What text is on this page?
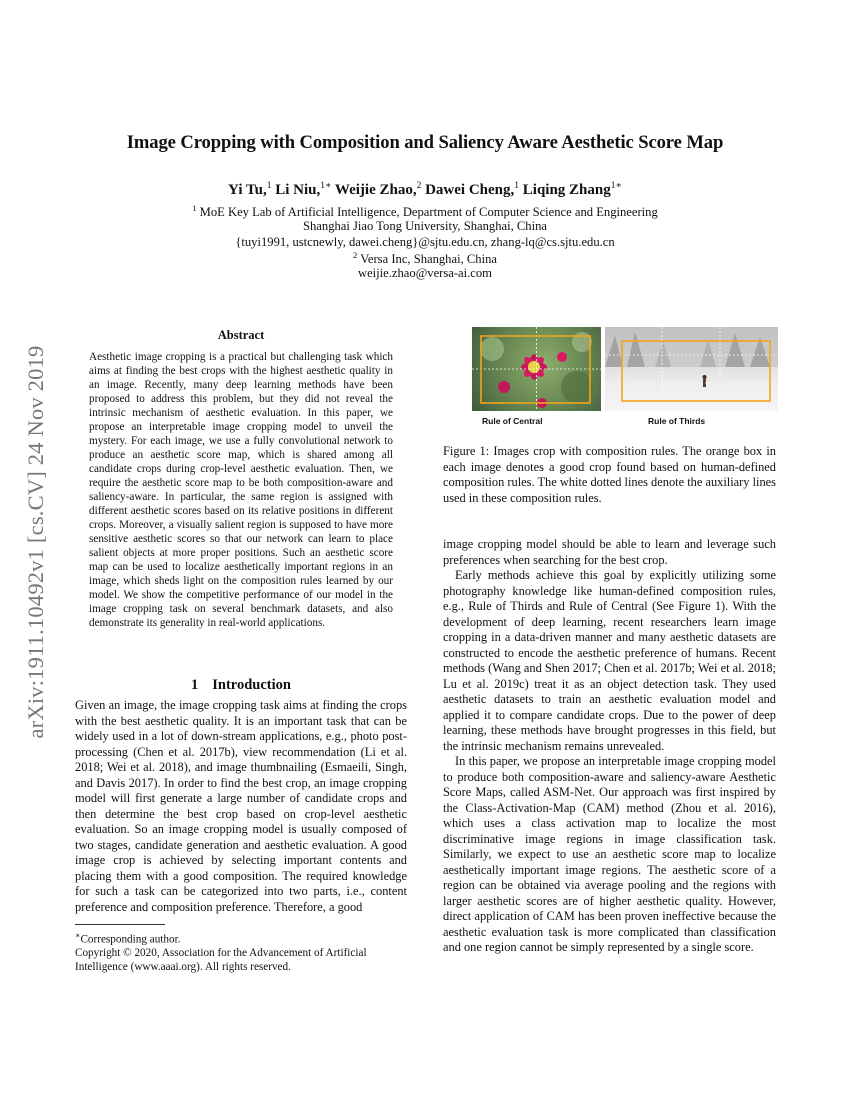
arXiv:1911.10492v1 [cs.CV] 24 Nov 2019
Image Cropping with Composition and Saliency Aware Aesthetic Score Map
Yi Tu,$^1$ Li Niu,$^{1∗}$ Weijie Zhao,$^2$ Dawei Cheng,$^1$ Liqing Zhang$^{1∗}$
$^1$ MoE Key Lab of Artificial Intelligence, Department of Computer Science and Engineering
Shanghai Jiao Tong University, Shanghai, China
{tuyi1991, ustcnewly, dawei.cheng}@sjtu.edu.cn, zhang-lq@cs.sjtu.edu.cn
$^2$ Versa Inc, Shanghai, China
weijie.zhao@versa-ai.com
Abstract

Aesthetic image cropping is a practical but challenging task which aims at finding the best crops with the highest aesthetic quality in an image. Recently, many deep learning methods have been proposed to address this problem, but they did not reveal the intrinsic mechanism of aesthetic evaluation. In this paper, we propose an interpretable image cropping model to unveil the mystery. For each image, we use a fully convolutional network to produce an aesthetic score map, which is shared among all candidate crops during crop-level aesthetic evaluation. Then, we require the aesthetic score map to be both composition-aware and saliency-aware. In particular, the same region is assigned with different aesthetic scores based on its relative positions in different crops. Moreover, a visually salient region is supposed to have more sensitive aesthetic scores so that our network can learn to place salient objects at more proper positions. Such an aesthetic score map can be used to localize aesthetically important regions in an image, which sheds light on the composition rules learned by our model. We show the competitive performance of our model in the image cropping task on several benchmark datasets, and also demonstrate its generality in real-world applications.

1 Introduction

Given an image, the image cropping task aims at finding the crops with the best aesthetic quality. It is an important task that can be widely used in a lot of down-stream applications, e.g., photo post-processing (Chen et al. 2017b), view recommendation (Li et al. 2018; Wei et al. 2018), and image thumbnailing (Esmaeili, Singh, and Davis 2017). In order to find the best crop, an image cropping model will first generate a large number of candidate crops and then determine the best crop based on crop-level aesthetic evaluation. So an image cropping model is usually composed of two stages, candidate generation and aesthetic evaluation. A good image crop is achieved by selecting important contents and placing them with a good composition. The required knowledge for such a task can be categorized into two parts, i.e., content preference and composition preference. Therefore, a good

∗Corresponding author.

Copyright © 2020, Association for the Advancement of Artificial Intelligence (www.aaai.org). All rights reserved.

Rule of Central	Rule of Thirds

Figure 1: Images crop with composition rules. The orange box in each image denotes a good crop found based on human-defined composition rules. The white dotted lines denote the auxiliary lines used in these composition rules.

image cropping model should be able to learn and leverage such preferences when searching for the best crop.

Early methods achieve this goal by explicitly utilizing some photography knowledge like human-defined composition rules, e.g., Rule of Thirds and Rule of Central (See Figure 1). With the development of deep learning, recent researchers learn image cropping in a data-driven manner and many aesthetic datasets are constructed to encode the aesthetic preference of humans. Recent methods (Wang and Shen 2017; Chen et al. 2017b; Wei et al. 2018; Lu et al. 2019c) treat it as an object detection task. They used aesthetic datasets to train an aesthetic evaluation model and applied it to compare candidate crops. Due to the power of deep learning, these methods have brought progresses in this field, but the intrinsic mechanism remains unrevealed.

In this paper, we propose an interpretable image cropping model to produce both composition-aware and saliency-aware Aesthetic Score Maps, called ASM-Net. Our approach was first inspired by the Class-Activation-Map (CAM) method (Zhou et al. 2016), which uses a class activation map to localize the most discriminative image regions in image classification task. Similarly, we expect to use an aesthetic score map to localize aesthetically important image regions. The aesthetic score of a region can be obtained via average pooling and the regions with larger aesthetic scores are of higher aesthetic quality. However, direct application of CAM has been proven ineffective because the aesthetic evaluation task is more complicated than classification and one region cannot be simply represented by a single score.
